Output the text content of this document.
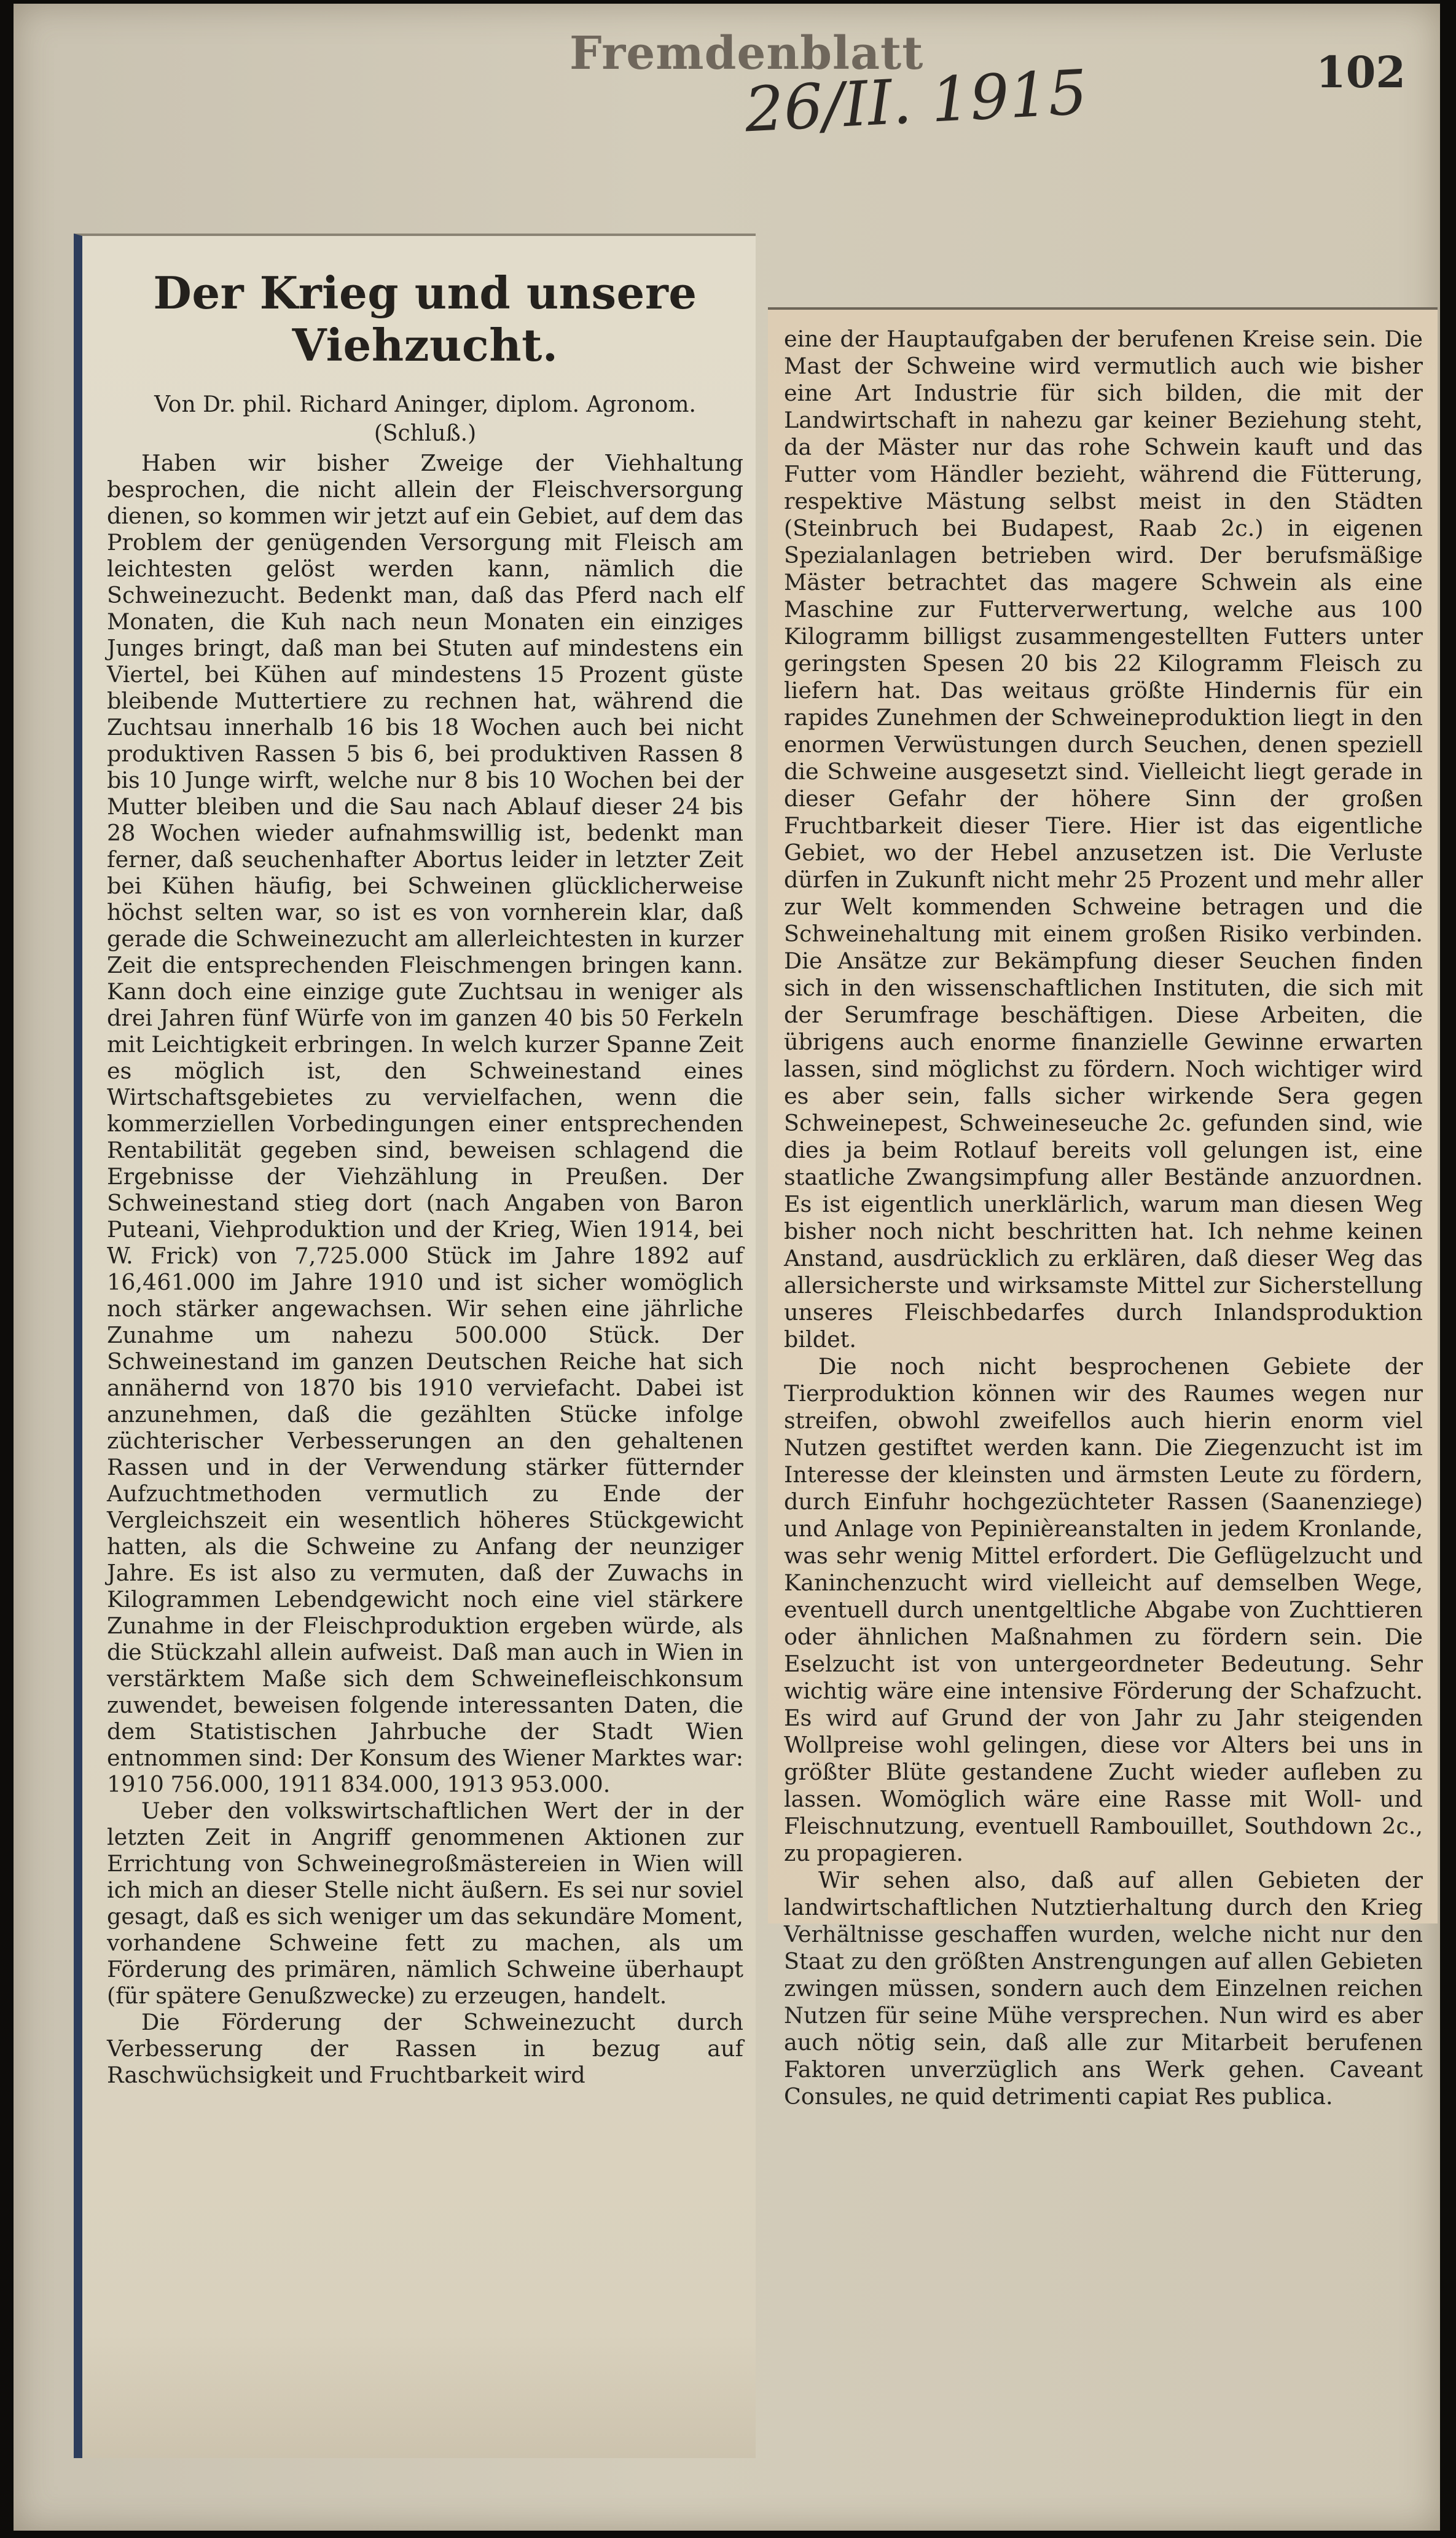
Fremdenblatt
26/II. 1915	102
Der Krieg und unsere Viehzucht.
Von Dr. phil. Richard Aninger, diplom. Agronom.
(Schluß.)

Haben wir bisher Zweige der Viehhaltung besprochen, die nicht allein der Fleischversorgung dienen, so kommen wir jetzt auf ein Gebiet, auf dem das Problem der genügenden Versorgung mit Fleisch am leichtesten gelöst werden kann, nämlich die Schweinezucht. Bedenkt man, daß das Pferd nach elf Monaten, die Kuh nach neun Monaten ein einziges Junges bringt, daß man bei Stuten auf mindestens ein Viertel, bei Kühen auf mindestens 15 Prozent güste bleibende Muttertiere zu rechnen hat, während die Zuchtsau innerhalb 16 bis 18 Wochen auch bei nicht produktiven Rassen 5 bis 6, bei produktiven Rassen 8 bis 10 Junge wirft, welche nur 8 bis 10 Wochen bei der Mutter bleiben und die Sau nach Ablauf dieser 24 bis 28 Wochen wieder aufnahmswillig ist, bedenkt man ferner, daß seuchenhafter Abortus leider in letzter Zeit bei Kühen häufig, bei Schweinen glücklicherweise höchst selten war, so ist es von vornherein klar, daß gerade die Schweinezucht am allerleichtesten in kurzer Zeit die entsprechenden Fleischmengen bringen kann. Kann doch eine einzige gute Zuchtsau in weniger als drei Jahren fünf Würfe von im ganzen 40 bis 50 Ferkeln mit Leichtigkeit erbringen. In welch kurzer Spanne Zeit es möglich ist, den Schweinestand eines Wirtschaftsgebietes zu vervielfachen, wenn die kommerziellen Vorbedingungen einer entsprechenden Rentabilität gegeben sind, beweisen schlagend die Ergebnisse der Viehzählung in Preußen. Der Schweinestand stieg dort (nach Angaben von Baron Puteani, Viehproduktion und der Krieg, Wien 1914, bei W. Frick) von 7,725.000 Stück im Jahre 1892 auf 16,461.000 im Jahre 1910 und ist sicher womöglich noch stärker angewachsen. Wir sehen eine jährliche Zunahme um nahezu 500.000 Stück. Der Schweinestand im ganzen Deutschen Reiche hat sich annähernd von 1870 bis 1910 verviefacht. Dabei ist anzunehmen, daß die gezählten Stücke infolge züchterischer Verbesserungen an den gehaltenen Rassen und in der Verwendung stärker fütternder Aufzuchtmethoden vermutlich zu Ende der Vergleichszeit ein wesentlich höheres Stückgewicht hatten, als die Schweine zu Anfang der neunziger Jahre. Es ist also zu vermuten, daß der Zuwachs in Kilogrammen Lebendgewicht noch eine viel stärkere Zunahme in der Fleischproduktion ergeben würde, als die Stückzahl allein aufweist. Daß man auch in Wien in verstärktem Maße sich dem Schweinefleischkonsum zuwendet, beweisen folgende interessanten Daten, die dem Statistischen Jahrbuche der Stadt Wien entnommen sind: Der Konsum des Wiener Marktes war: 1910 756.000, 1911 834.000, 1913 953.000.

Ueber den volkswirtschaftlichen Wert der in der letzten Zeit in Angriff genommenen Aktionen zur Errichtung von Schweinegroßmästereien in Wien will ich mich an dieser Stelle nicht äußern. Es sei nur soviel gesagt, daß es sich weniger um das sekundäre Moment, vorhandene Schweine fett zu machen, als um Förderung des primären, nämlich Schweine überhaupt (für spätere Genußzwecke) zu erzeugen, handelt.

Die Förderung der Schweinezucht durch Verbesserung der Rassen in bezug auf Raschwüchsigkeit und Fruchtbarkeit wird

eine der Hauptaufgaben der berufenen Kreise sein. Die Mast der Schweine wird vermutlich auch wie bisher eine Art Industrie für sich bilden, die mit der Landwirtschaft in nahezu gar keiner Beziehung steht, da der Mäster nur das rohe Schwein kauft und das Futter vom Händler bezieht, während die Fütterung, respektive Mästung selbst meist in den Städten (Steinbruch bei Budapest, Raab 2c.) in eigenen Spezialanlagen betrieben wird. Der berufsmäßige Mäster betrachtet das magere Schwein als eine Maschine zur Futterverwertung, welche aus 100 Kilogramm billigst zusammengestellten Futters unter geringsten Spesen 20 bis 22 Kilogramm Fleisch zu liefern hat. Das weitaus größte Hindernis für ein rapides Zunehmen der Schweineproduktion liegt in den enormen Verwüstungen durch Seuchen, denen speziell die Schweine ausgesetzt sind. Vielleicht liegt gerade in dieser Gefahr der höhere Sinn der großen Fruchtbarkeit dieser Tiere. Hier ist das eigentliche Gebiet, wo der Hebel anzusetzen ist. Die Verluste dürfen in Zukunft nicht mehr 25 Prozent und mehr aller zur Welt kommenden Schweine betragen und die Schweinehaltung mit einem großen Risiko verbinden. Die Ansätze zur Bekämpfung dieser Seuchen finden sich in den wissenschaftlichen Instituten, die sich mit der Serumfrage beschäftigen. Diese Arbeiten, die übrigens auch enorme finanzielle Gewinne erwarten lassen, sind möglichst zu fördern. Noch wichtiger wird es aber sein, falls sicher wirkende Sera gegen Schweinepest, Schweineseuche 2c. gefunden sind, wie dies ja beim Rotlauf bereits voll gelungen ist, eine staatliche Zwangsimpfung aller Bestände anzuordnen. Es ist eigentlich unerklärlich, warum man diesen Weg bisher noch nicht beschritten hat. Ich nehme keinen Anstand, ausdrücklich zu erklären, daß dieser Weg das allersicherste und wirksamste Mittel zur Sicherstellung unseres Fleischbedarfes durch Inlandsproduktion bildet.

Die noch nicht besprochenen Gebiete der Tierproduktion können wir des Raumes wegen nur streifen, obwohl zweifellos auch hierin enorm viel Nutzen gestiftet werden kann. Die Ziegenzucht ist im Interesse der kleinsten und ärmsten Leute zu fördern, durch Einfuhr hochgezüchteter Rassen (Saanenziege) und Anlage von Pepinièreanstalten in jedem Kronlande, was sehr wenig Mittel erfordert. Die Geflügelzucht und Kaninchenzucht wird vielleicht auf demselben Wege, eventuell durch unentgeltliche Abgabe von Zuchttieren oder ähnlichen Maßnahmen zu fördern sein. Die Eselzucht ist von untergeordneter Bedeutung. Sehr wichtig wäre eine intensive Förderung der Schafzucht. Es wird auf Grund der von Jahr zu Jahr steigenden Wollpreise wohl gelingen, diese vor Alters bei uns in größter Blüte gestandene Zucht wieder aufleben zu lassen. Womöglich wäre eine Rasse mit Woll- und Fleischnutzung, eventuell Rambouillet, Southdown 2c., zu propagieren.

Wir sehen also, daß auf allen Gebieten der landwirtschaftlichen Nutztierhaltung durch den Krieg Verhältnisse geschaffen wurden, welche nicht nur den Staat zu den größten Anstrengungen auf allen Gebieten zwingen müssen, sondern auch dem Einzelnen reichen Nutzen für seine Mühe versprechen. Nun wird es aber auch nötig sein, daß alle zur Mitarbeit berufenen Faktoren unverzüglich ans Werk gehen. Caveant Consules, ne quid detrimenti capiat Res publica.
